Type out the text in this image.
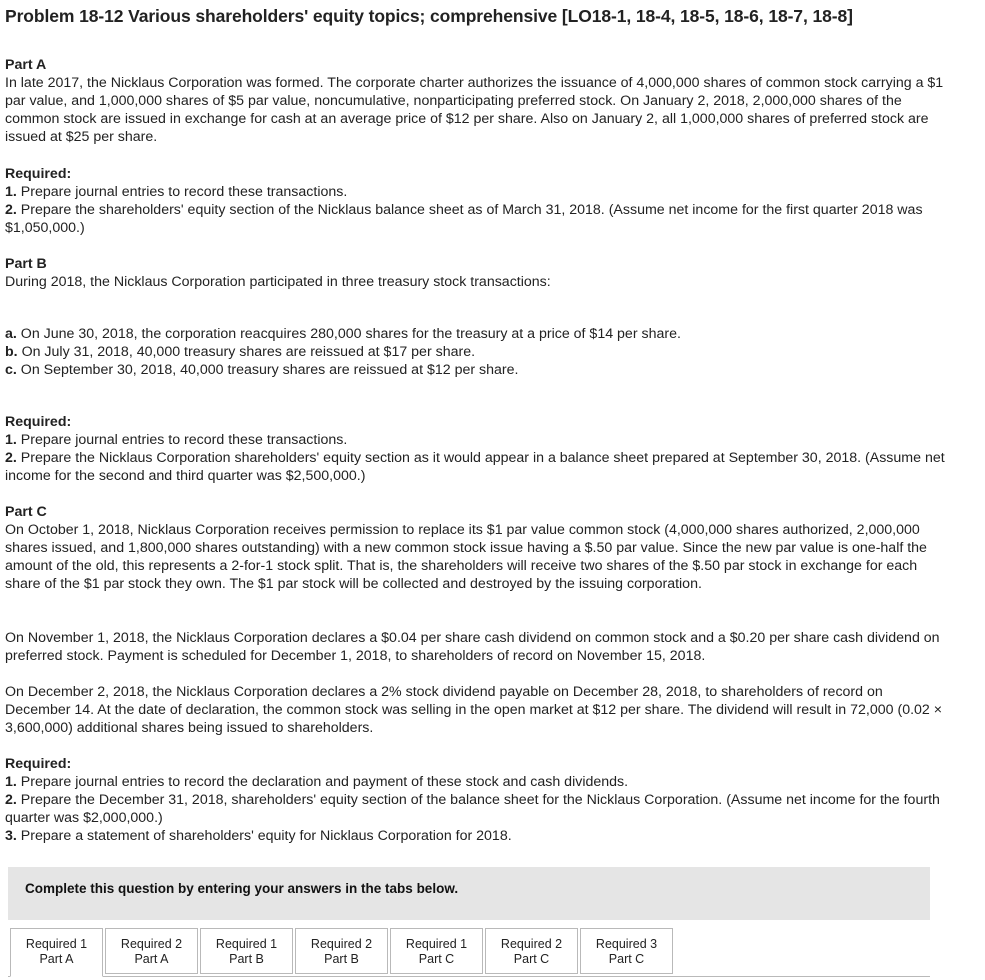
Problem 18-12 Various shareholders' equity topics; comprehensive [LO18-1, 18-4, 18-5, 18-6, 18-7, 18-8]
Part A
In late 2017, the Nicklaus Corporation was formed. The corporate charter authorizes the issuance of 4,000,000 shares of common stock carrying a $1 par value, and 1,000,000 shares of $5 par value, noncumulative, nonparticipating preferred stock. On January 2, 2018, 2,000,000 shares of the common stock are issued in exchange for cash at an average price of $12 per share. Also on January 2, all 1,000,000 shares of preferred stock are issued at $25 per share.
Required:
1. Prepare journal entries to record these transactions.
2. Prepare the shareholders' equity section of the Nicklaus balance sheet as of March 31, 2018. (Assume net income for the first quarter 2018 was $1,050,000.)
Part B
During 2018, the Nicklaus Corporation participated in three treasury stock transactions:
a. On June 30, 2018, the corporation reacquires 280,000 shares for the treasury at a price of $14 per share.
b. On July 31, 2018, 40,000 treasury shares are reissued at $17 per share.
c. On September 30, 2018, 40,000 treasury shares are reissued at $12 per share.
Required:
1. Prepare journal entries to record these transactions.
2. Prepare the Nicklaus Corporation shareholders' equity section as it would appear in a balance sheet prepared at September 30, 2018. (Assume net income for the second and third quarter was $2,500,000.)
Part C
On October 1, 2018, Nicklaus Corporation receives permission to replace its $1 par value common stock (4,000,000 shares authorized, 2,000,000 shares issued, and 1,800,000 shares outstanding) with a new common stock issue having a $.50 par value. Since the new par value is one-half the amount of the old, this represents a 2-for-1 stock split. That is, the shareholders will receive two shares of the $.50 par stock in exchange for each share of the $1 par stock they own. The $1 par stock will be collected and destroyed by the issuing corporation.
On November 1, 2018, the Nicklaus Corporation declares a $0.04 per share cash dividend on common stock and a $0.20 per share cash dividend on preferred stock. Payment is scheduled for December 1, 2018, to shareholders of record on November 15, 2018.
On December 2, 2018, the Nicklaus Corporation declares a 2% stock dividend payable on December 28, 2018, to shareholders of record on December 14. At the date of declaration, the common stock was selling in the open market at $12 per share. The dividend will result in 72,000 (0.02 × 3,600,000) additional shares being issued to shareholders.
Required:
1. Prepare journal entries to record the declaration and payment of these stock and cash dividends.
2. Prepare the December 31, 2018, shareholders' equity section of the balance sheet for the Nicklaus Corporation. (Assume net income for the fourth quarter was $2,000,000.)
3. Prepare a statement of shareholders' equity for Nicklaus Corporation for 2018.
Complete this question by entering your answers in the tabs below.
Required 1
Part A
Required 2
Part A
Required 1
Part B
Required 2
Part B
Required 1
Part C
Required 2
Part C
Required 3
Part C
